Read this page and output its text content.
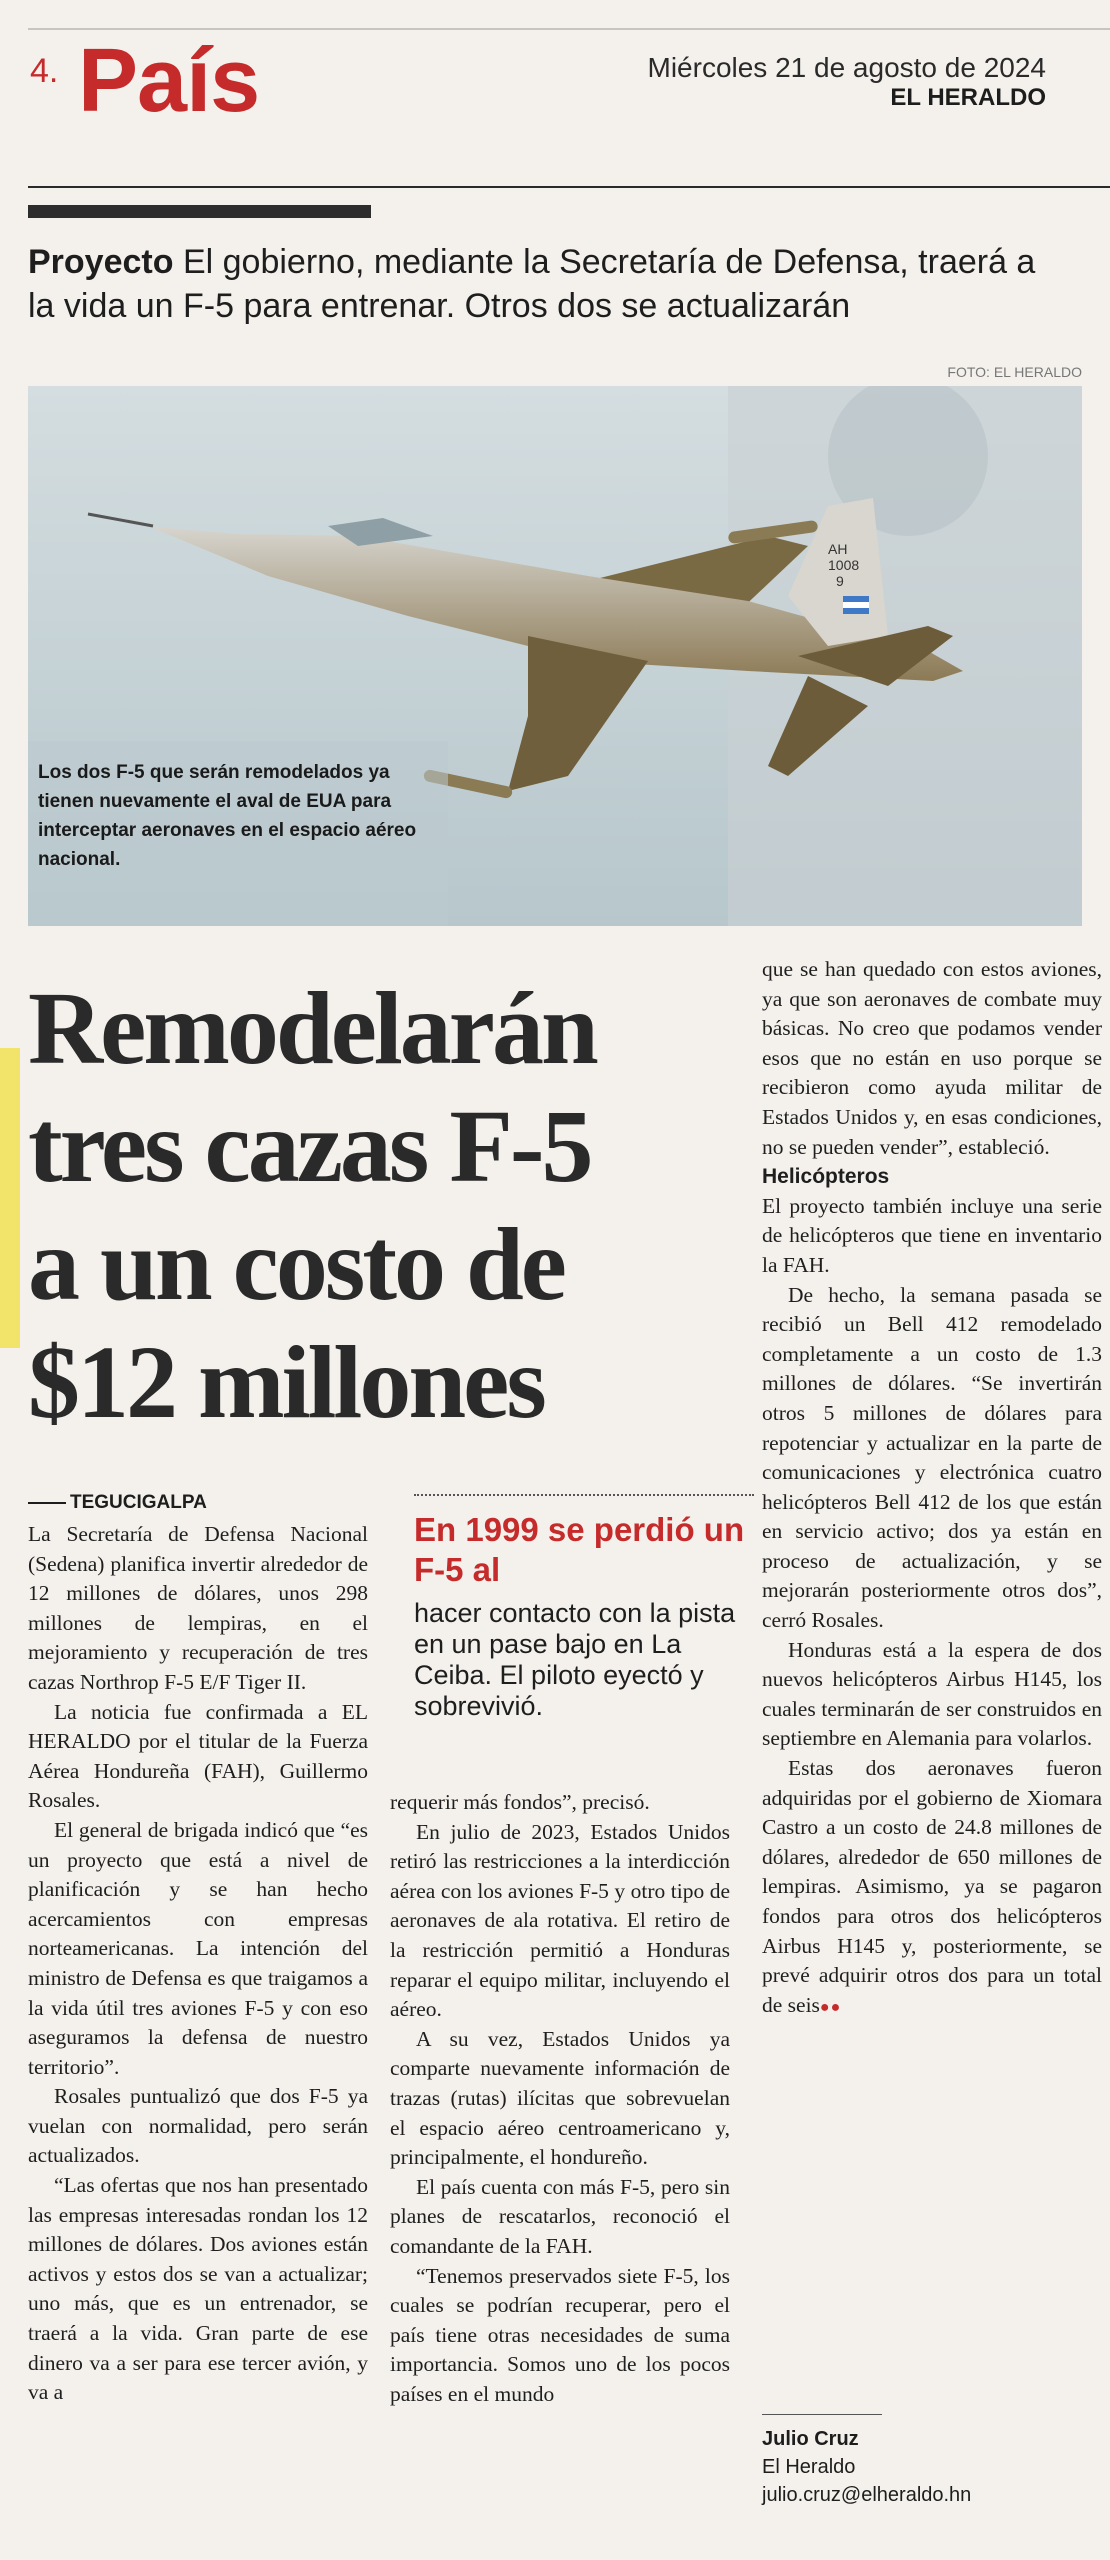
4. País	Miércoles 21 de agosto de 2024
EL HERALDO
Proyecto El gobierno, mediante la Secretaría de Defensa, traerá a la vida un F-5 para entrenar. Otros dos se actualizarán
FOTO: EL HERALDO
AH
1008
9
Los dos F-5 que serán remodelados ya tienen nuevamente el aval de EUA para interceptar aeronaves en el espacio aéreo nacional.
Remodelarán
tres cazas F-5
a un costo de
$12 millones
TEGUCIGALPA

La Secretaría de Defensa Nacional (Sedena) planifica invertir alrededor de 12 millones de dólares, unos 298 millones de lempiras, en el mejoramiento y recuperación de tres cazas Northrop F-5 E/F Tiger II.

La noticia fue confirmada a EL HERALDO por el titular de la Fuerza Aérea Hondureña (FAH), Guillermo Rosales.

El general de brigada indicó que “es un proyecto que está a nivel de planificación y se han hecho acercamientos con empresas norteamericanas. La intención del ministro de Defensa es que traigamos a la vida útil tres aviones F-5 y con eso aseguramos la defensa de nuestro territorio”.

Rosales puntualizó que dos F-5 ya vuelan con normalidad, pero serán actualizados.

“Las ofertas que nos han presentado las empresas interesadas rondan los 12 millones de dólares. Dos aviones están activos y estos dos se van a actualizar; uno más, que es un entrenador, se traerá a la vida. Gran parte de ese dinero va a ser para ese tercer avión, y va a

En 1999 se perdió un F-5 al
hacer contacto con la pista en un pase bajo en La Ceiba. El piloto eyectó y sobrevivió.

requerir más fondos”, precisó.

En julio de 2023, Estados Unidos retiró las restricciones a la interdicción aérea con los aviones F-5 y otro tipo de aeronaves de ala rotativa. El retiro de la restricción permitió a Honduras reparar el equipo militar, incluyendo el aéreo.

A su vez, Estados Unidos ya comparte nuevamente información de trazas (rutas) ilícitas que sobrevuelan el espacio aéreo centroamericano y, principalmente, el hondureño.

El país cuenta con más F-5, pero sin planes de rescatarlos, reconoció el comandante de la FAH.

“Tenemos preservados siete F-5, los cuales se podrían recuperar, pero el país tiene otras necesidades de suma importancia. Somos uno de los pocos países en el mundo

que se han quedado con estos aviones, ya que son aeronaves de combate muy básicas. No creo que podamos vender esos que no están en uso porque se recibieron como ayuda militar de Estados Unidos y, en esas condiciones, no se pueden vender”, estableció.

Helicópteros

El proyecto también incluye una serie de helicópteros que tiene en inventario la FAH.

De hecho, la semana pasada se recibió un Bell 412 remodelado completamente a un costo de 1.3 millones de dólares. “Se invertirán otros 5 millones de dólares para repotenciar y actualizar en la parte de comunicaciones y electrónica cuatro helicópteros Bell 412 de los que están en servicio activo; dos ya están en proceso de actualización, y se mejorarán posteriormente otros dos”, cerró Rosales.

Honduras está a la espera de dos nuevos helicópteros Airbus H145, los cuales terminarán de ser construidos en septiembre en Alemania para volarlos.

Estas dos aeronaves fueron adquiridas por el gobierno de Xiomara Castro a un costo de 24.8 millones de dólares, alrededor de 650 millones de lempiras. Asimismo, ya se pagaron fondos para otros dos helicópteros Airbus H145 y, posteriormente, se prevé adquirir otros dos para un total de seis●●

Julio Cruz
El Heraldo
julio.cruz@elheraldo.hn
